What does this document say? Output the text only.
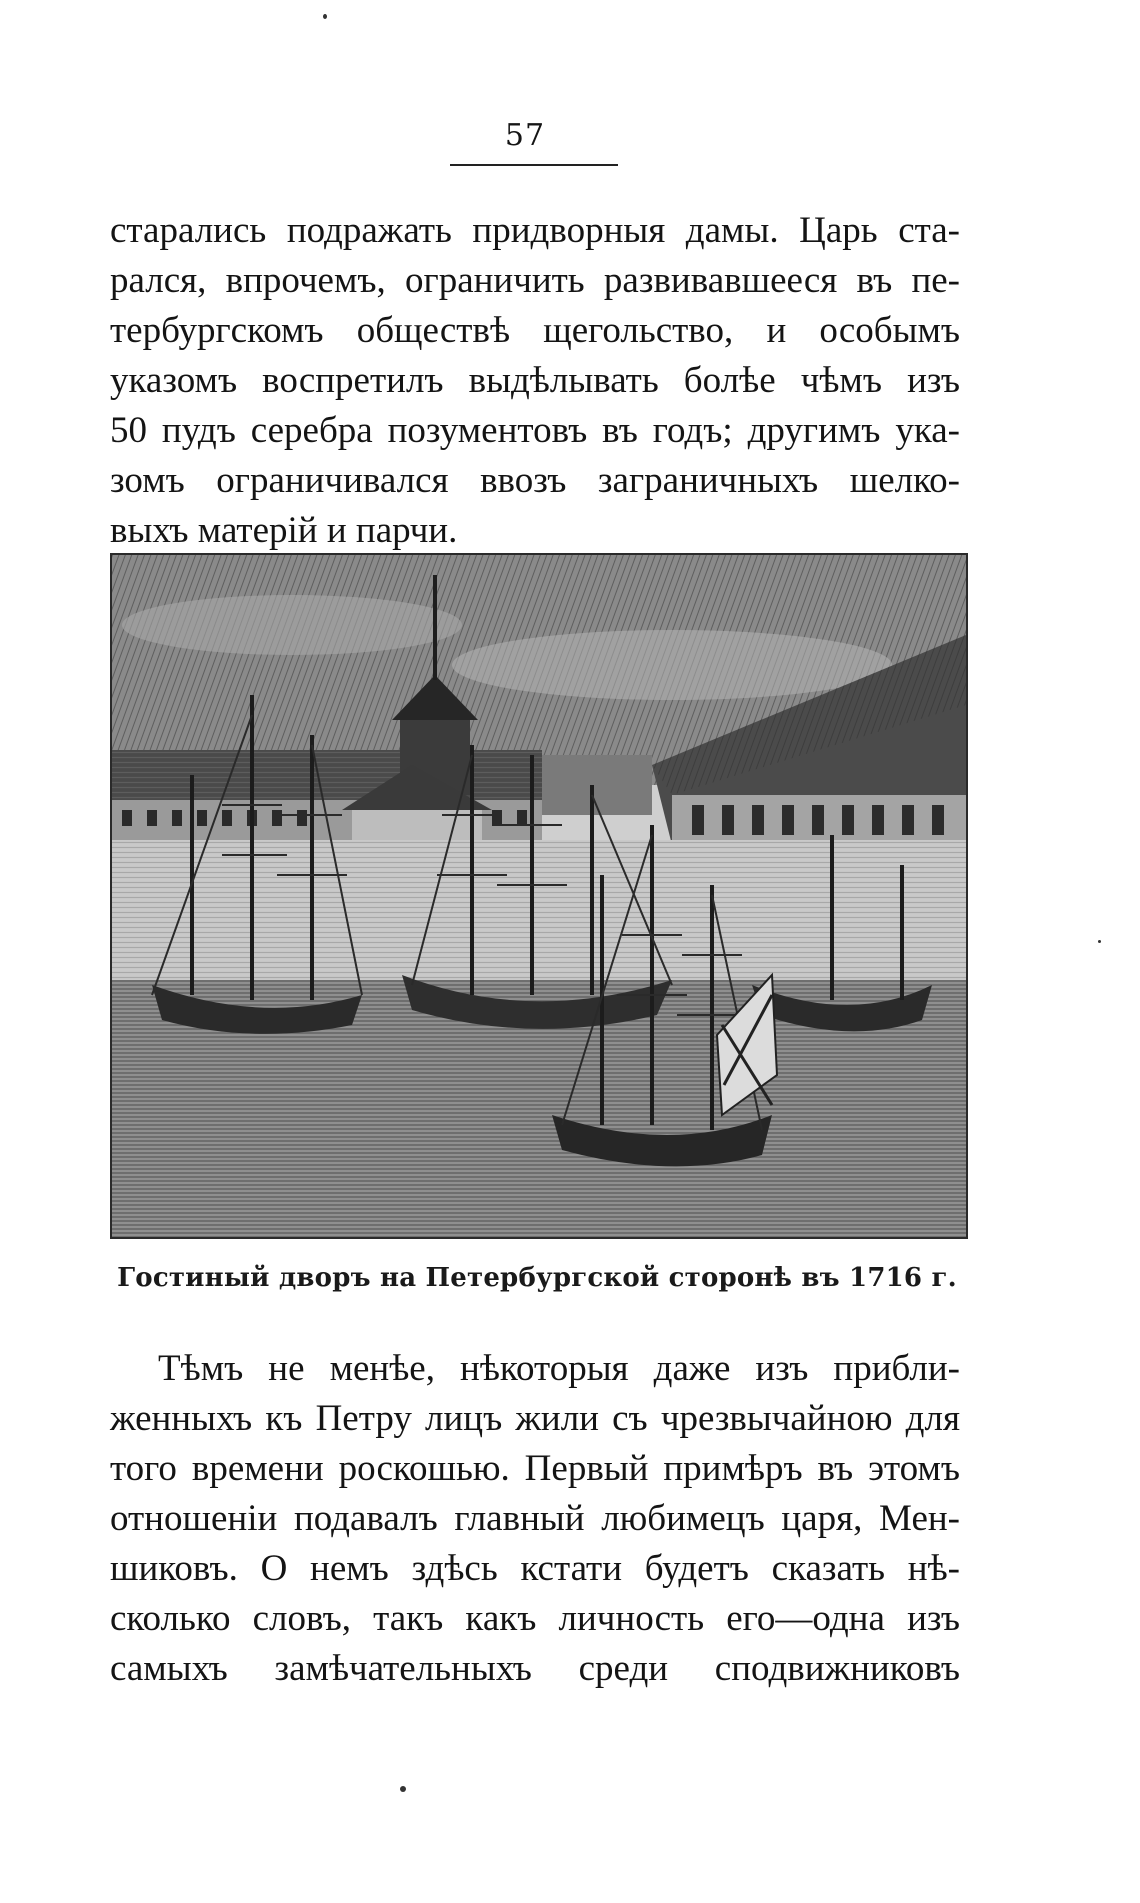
57

старались подражать придворныя дамы. Царь ста-
рался, впрочемъ, ограничить развивавшееся въ пе-
тербургскомъ обществѣ щегольство, и особымъ
указомъ воспретилъ выдѣлывать болѣе чѣмъ изъ
50 пудъ серебра позументовъ въ годъ; другимъ ука-
зомъ ограничивался ввозъ заграничныхъ шелко-
выхъ матерій и парчи.

Гостиный дворъ на Петербургской сторонѣ въ 1716 г.

Тѣмъ не менѣе, нѣкоторыя даже изъ прибли-
женныхъ къ Петру лицъ жили съ чрезвычайною для
того времени роскошью. Первый примѣръ въ этомъ
отношеніи подавалъ главный любимецъ царя, Мен-
шиковъ. О немъ здѣсь кстати будетъ сказать нѣ-
сколько словъ, такъ какъ личность его—одна изъ
самыхъ замѣчательныхъ среди сподвижниковъ
